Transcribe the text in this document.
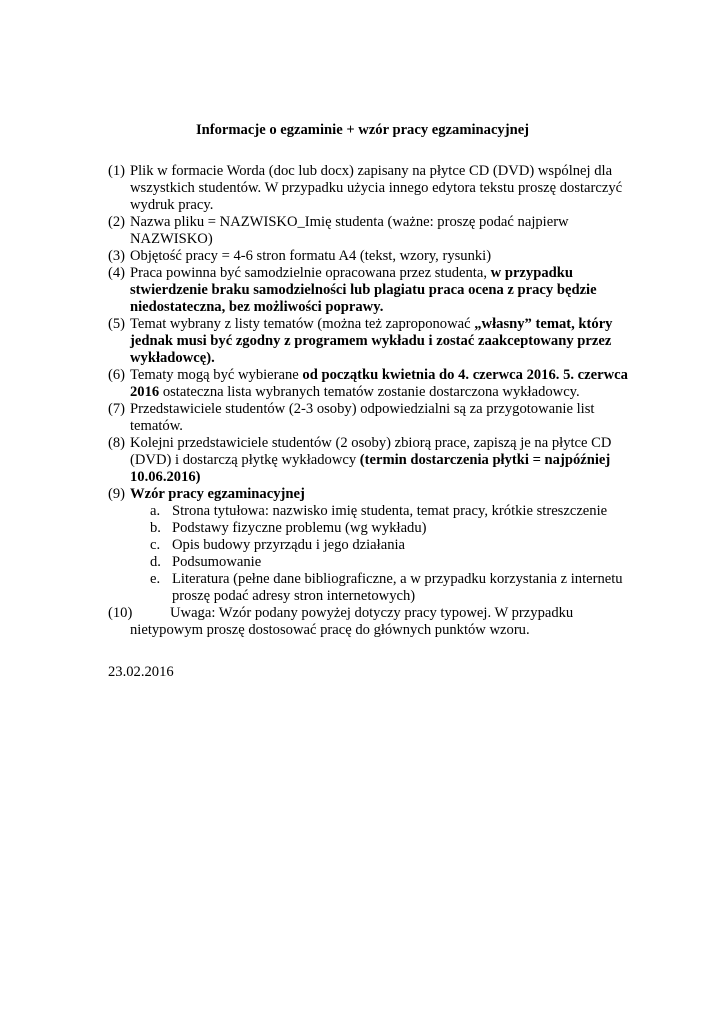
Informacje o egzaminie + wzór pracy egzaminacyjnej
(1) Plik w formacie Worda (doc lub docx) zapisany na płytce CD (DVD) wspólnej dla wszystkich studentów. W przypadku użycia innego edytora tekstu proszę dostarczyć wydruk pracy.
(2) Nazwa pliku = NAZWISKO_Imię studenta (ważne: proszę podać najpierw NAZWISKO)
(3) Objętość pracy = 4-6 stron formatu A4 (tekst, wzory, rysunki)
(4) Praca powinna być samodzielnie opracowana przez studenta, w przypadku stwierdzenie braku samodzielności lub plagiatu praca ocena z pracy będzie niedostateczna, bez możliwości poprawy.
(5) Temat wybrany z listy tematów (można też zaproponować „własny” temat, który jednak musi być zgodny z programem wykładu i zostać zaakceptowany przez wykładowcę).
(6) Tematy mogą być wybierane od początku kwietnia do 4. czerwca 2016. 5. czerwca 2016 ostateczna lista wybranych tematów zostanie dostarczona wykładowcy.
(7) Przedstawiciele studentów (2-3 osoby) odpowiedzialni są za przygotowanie list tematów.
(8) Kolejni przedstawiciele studentów (2 osoby) zbiorą prace, zapiszą je na płytce CD (DVD) i dostarczą płytkę wykładowcy (termin dostarczenia płytki = najpóźniej 10.06.2016)
(9) Wzór pracy egzaminacyjnej
a. Strona tytułowa: nazwisko imię studenta, temat pracy, krótkie streszczenie
b. Podstawy fizyczne problemu (wg wykładu)
c. Opis budowy przyrządu i jego działania
d. Podsumowanie
e. Literatura (pełne dane bibliograficzne, a w przypadku korzystania z internetu proszę podać adresy stron internetowych)
(10)	Uwaga: Wzór podany powyżej dotyczy pracy typowej. W przypadku
nietypowym proszę dostosować pracę do głównych punktów wzoru.
23.02.2016
